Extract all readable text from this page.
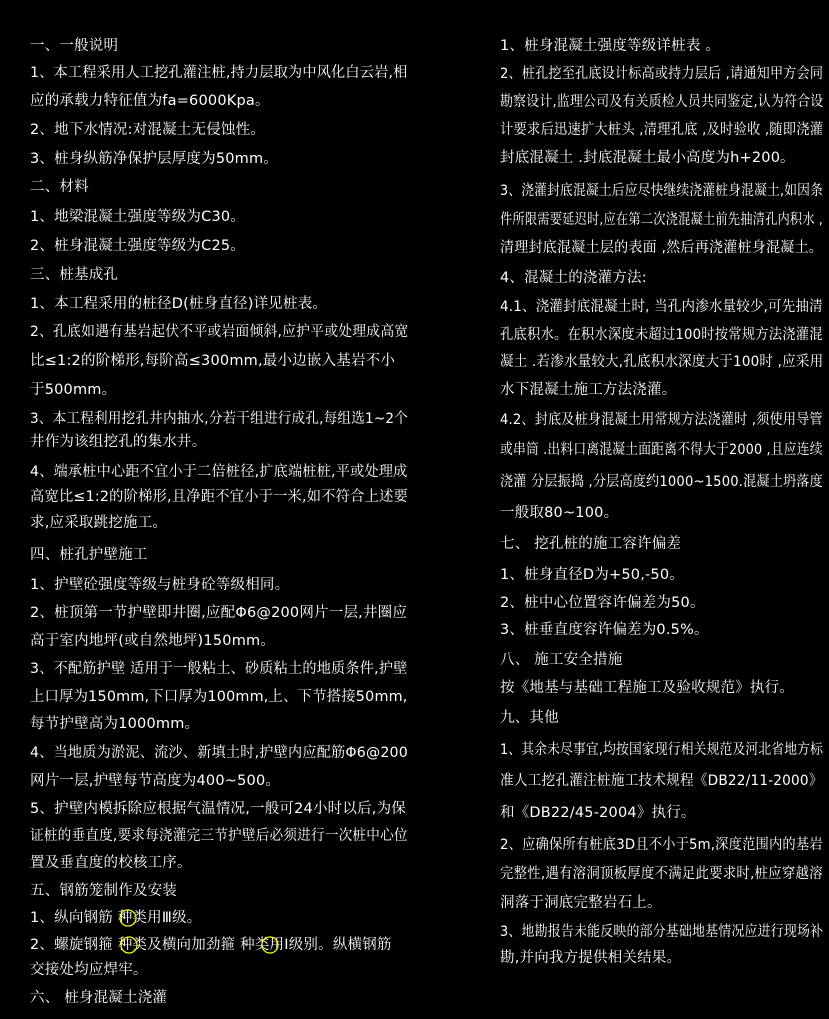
一、一般说明
1、本工程采用人工挖孔灌注桩,持力层取为中风化白云岩,相
应的承载力特征值为fa=6000Kpa。
2、地下水情况:对混凝土无侵蚀性。
3、桩身纵筋净保护层厚度为50mm。
二、材料
1、地梁混凝土强度等级为C30。
2、桩身混凝土强度等级为C25。
三、桩基成孔
1、本工程采用的桩径D(桩身直径)详见桩表。
2、孔底如遇有基岩起伏不平或岩面倾斜,应护平或处理成高宽
比≤1:2的阶梯形,每阶高≤300mm,最小边嵌入基岩不小
于500mm。
3、本工程利用挖孔井内抽水,分若干组进行成孔,每组选1~2个
井作为该组挖孔的集水井。
4、端承桩中心距不宜小于二倍桩径,扩底端桩桩,平或处理成
高宽比≤1:2的阶梯形,且净距不宜小于一米,如不符合上述要
求,应采取跳挖施工。
四、桩孔护壁施工
1、护壁砼强度等级与桩身砼等级相同。
2、桩顶第一节护壁即井圈,应配Φ6@200网片一层,井圈应
高于室内地坪(或自然地坪)150mm。
3、不配筋护壁 适用于一般粘土、砂质粘土的地质条件,护壁
上口厚为150mm,下口厚为100mm,上、下节搭接50mm,
每节护壁高为1000mm。
4、当地质为淤泥、流沙、新填土时,护壁内应配筋Φ6@200
网片一层,护壁每节高度为400~500。
5、护壁内模拆除应根据气温情况,一般可24小时以后,为保
证桩的垂直度,要求每浇灌完三节护壁后必须进行一次桩中心位
置及垂直度的校核工序。
五、钢筋笼制作及安装
1、纵向钢筋 种类用Ⅲ级。
2、螺旋钢箍 种类及横向加劲箍 种类用I级别。纵横钢筋
交接处均应焊牢。
六、 桩身混凝土浇灌
1、桩身混凝土强度等级详桩表 。
2、桩孔挖至孔底设计标高或持力层后 ,请通知甲方会同
勘察设计,监理公司及有关质检人员共同鉴定,认为符合设
计要求后迅速扩大桩头 ,清理孔底 ,及时验收 ,随即浇灌
封底混凝土 .封底混凝土最小高度为h+200。
3、浇灌封底混凝土后应尽快继续浇灌桩身混凝土,如因条
件所限需要延迟时,应在第二次浇混凝土前先抽清孔内积水 ,
清理封底混凝土层的表面 ,然后再浇灌桩身混凝土。
4、混凝土的浇灌方法:
4.1、浇灌封底混凝土时, 当孔内渗水量较少,可先抽清
孔底积水。在积水深度未超过100时按常规方法浇灌混
凝土 .若渗水量较大,孔底积水深度大于100时 ,应采用
水下混凝土施工方法浇灌。
4.2、封底及桩身混凝土用常规方法浇灌时 ,须使用导管
或串筒 .出料口离混凝土面距离不得大于2000 ,且应连续
浇灌 分层振捣 ,分层高度约1000~1500.混凝土坍落度
一般取80~100。
七、 挖孔桩的施工容许偏差
1、桩身直径D为+50,-50。
2、桩中心位置容许偏差为50。
3、桩垂直度容许偏差为0.5%。
八、 施工安全措施
按《地基与基础工程施工及验收规范》执行。
九、其他
1、其余未尽事宜,均按国家现行相关规范及河北省地方标
准人工挖孔灌注桩施工技术规程《DB22/11-2000》
和《DB22/45-2004》执行。
2、应确保所有桩底3D且不小于5m,深度范围内的基岩
完整性,遇有溶洞顶板厚度不满足此要求时,桩应穿越溶
洞落于洞底完整岩石上。
3、地勘报告未能反映的部分基础地基情况应进行现场补
勘,并向我方提供相关结果。
